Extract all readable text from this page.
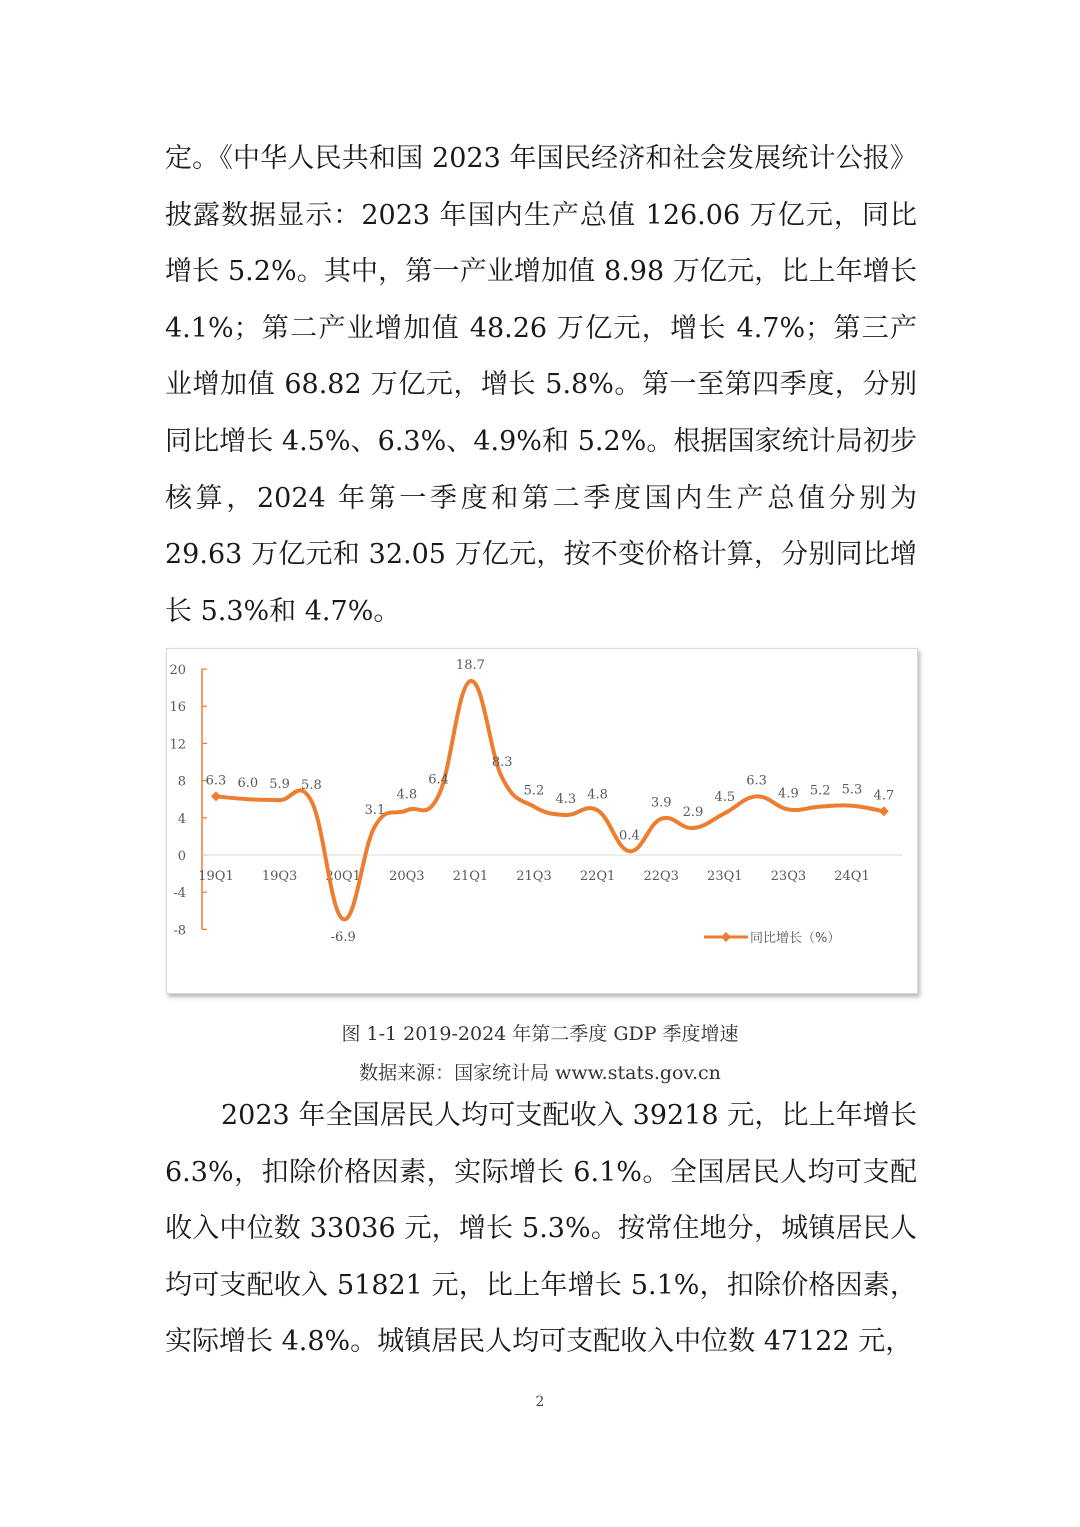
定。《中华人民共和国 2023 年国民经济和社会发展统计公报》披露数据显示：2023 年国内生产总值 126.06 万亿元，同比增长 5.2%。其中，第一产业增加值 8.98 万亿元，比上年增长 4.1%；第二产业增加值 48.26 万亿元，增长 4.7%；第三产业增加值 68.82 万亿元，增长 5.8%。第一至第四季度，分别同比增长 4.5%、6.3%、4.9%和 5.2%。根据国家统计局初步核算，2024 年第一季度和第二季度国内生产总值分别为 29.63 万亿元和 32.05 万亿元，按不变价格计算，分别同比增长 5.3%和 4.7%。

20
16
12
8
4
0
-4
-8
19Q1 19Q3 20Q1 20Q3 21Q1 21Q3 22Q1 22Q3 23Q1 23Q3 24Q1
6.3 6.0 5.9 5.8
-6.9
3.1
4.8
6.4
18.7
8.3
5.2
4.3 4.8
0.4
3.9
2.9
4.5
6.3
4.9 5.2 5.3 4.7
同比增长（%）

图 1-1 2019-2024 年第二季度 GDP 季度增速

数据来源：国家统计局 www.stats.gov.cn

2023 年全国居民人均可支配收入 39218 元，比上年增长 6.3%，扣除价格因素，实际增长 6.1%。全国居民人均可支配收入中位数 33036 元，增长 5.3%。按常住地分，城镇居民人均可支配收入 51821 元，比上年增长 5.1%，扣除价格因素，实际增长 4.8%。城镇居民人均可支配收入中位数 47122 元，

2
